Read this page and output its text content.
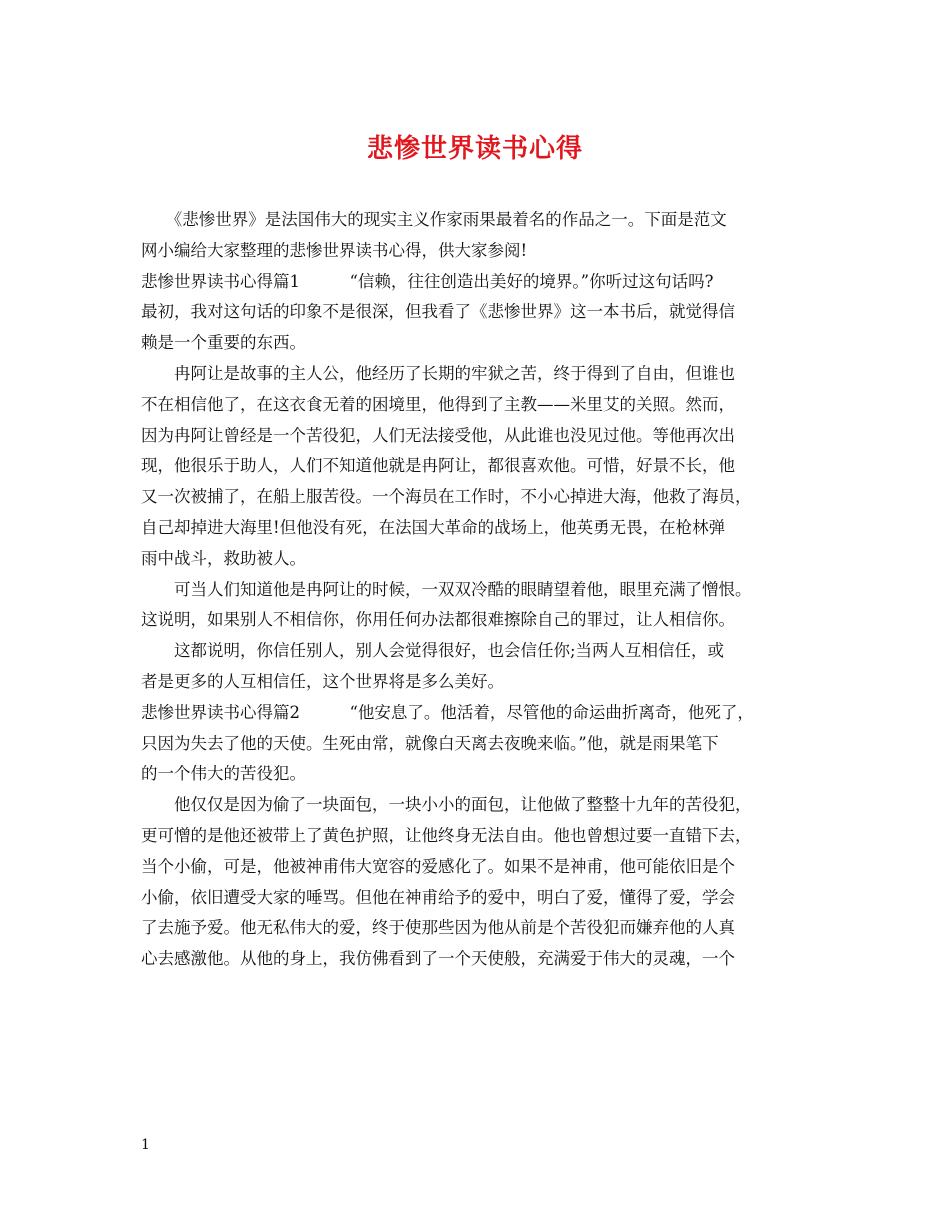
悲惨世界读书心得
　　《悲惨世界》是法国伟大的现实主义作家雨果最着名的作品之一。下面是范文
网小编给大家整理的悲惨世界读书心得，供大家参阅!
悲惨世界读书心得篇1　　　“信赖，往往创造出美好的境界。”你听过这句话吗?
最初，我对这句话的印象不是很深，但我看了《悲惨世界》这一本书后，就觉得信
赖是一个重要的东西。
　　冉阿让是故事的主人公，他经历了长期的牢狱之苦，终于得到了自由，但谁也
不在相信他了，在这衣食无着的困境里，他得到了主教——米里艾的关照。然而，
因为冉阿让曾经是一个苦役犯，人们无法接受他，从此谁也没见过他。等他再次出
现，他很乐于助人，人们不知道他就是冉阿让，都很喜欢他。可惜，好景不长，他
又一次被捕了，在船上服苦役。一个海员在工作时，不小心掉进大海，他救了海员，
自己却掉进大海里!但他没有死，在法国大革命的战场上，他英勇无畏，在枪林弹
雨中战斗，救助被人。
　　可当人们知道他是冉阿让的时候，一双双冷酷的眼睛望着他，眼里充满了憎恨。
这说明，如果别人不相信你，你用任何办法都很难擦除自己的罪过，让人相信你。
　　这都说明，你信任别人，别人会觉得很好，也会信任你;当两人互相信任，或
者是更多的人互相信任，这个世界将是多么美好。
悲惨世界读书心得篇2　　　“他安息了。他活着，尽管他的命运曲折离奇，他死了，
只因为失去了他的天使。生死由常，就像白天离去夜晚来临。”他，就是雨果笔下
的一个伟大的苦役犯。
　　他仅仅是因为偷了一块面包，一块小小的面包，让他做了整整十九年的苦役犯，
更可憎的是他还被带上了黄色护照，让他终身无法自由。他也曾想过要一直错下去，
当个小偷，可是，他被神甫伟大宽容的爱感化了。如果不是神甫，他可能依旧是个
小偷，依旧遭受大家的唾骂。但他在神甫给予的爱中，明白了爱，懂得了爱，学会
了去施予爱。他无私伟大的爱，终于使那些因为他从前是个苦役犯而嫌弃他的人真
心去感激他。从他的身上，我仿佛看到了一个天使般，充满爱于伟大的灵魂，一个
1
